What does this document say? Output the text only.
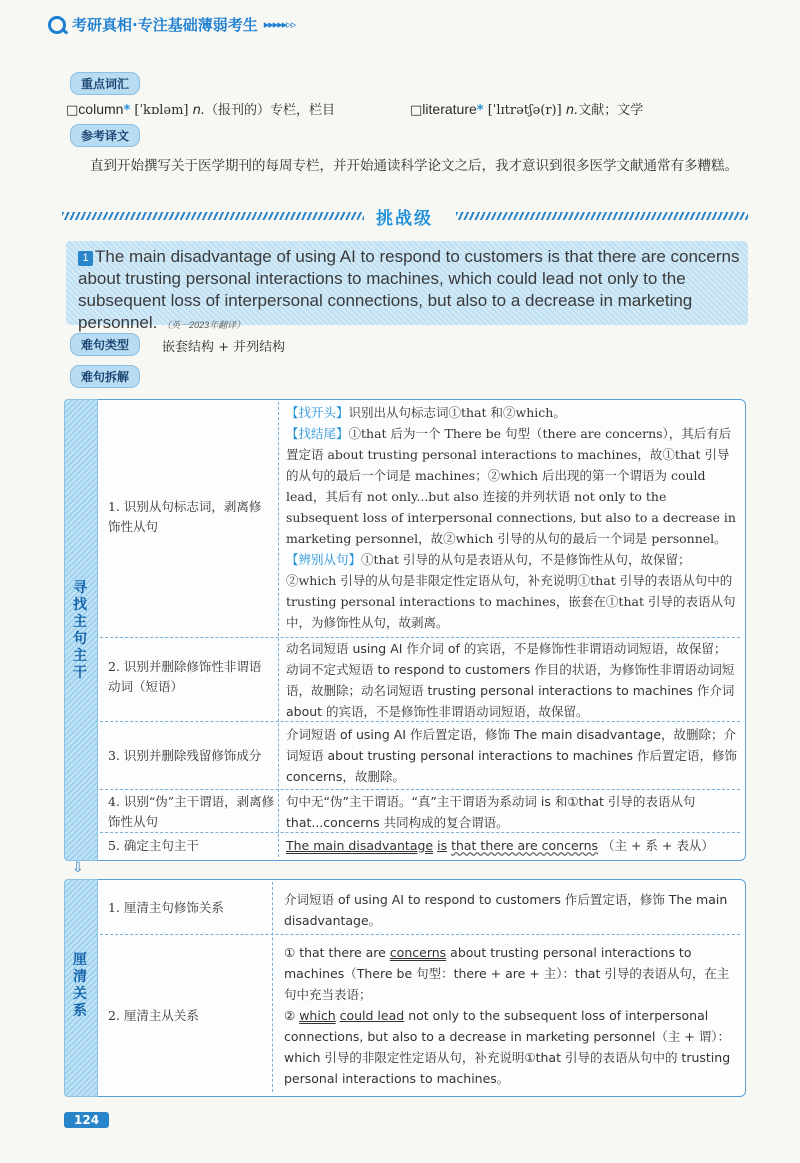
考研真相·专注基础薄弱考生 ▸▸▸▸▸▹▹
重点词汇
□column* [ˈkɒləm] n.（报刊的）专栏，栏目	□literature* [ˈlɪtrətʃə(r)] n.文献；文学
参考译文
直到开始撰写关于医学期刊的每周专栏，并开始通读科学论文之后，我才意识到很多医学文献通常有多糟糕。
挑战级
1 The main disadvantage of using AI to respond to customers is that there are concerns about trusting personal interactions to machines, which could lead not only to the subsequent loss of interpersonal connections, but also to a decrease in marketing personnel. （英一2023年翻译）
难句类型	嵌套结构 + 并列结构
难句拆解
寻找主句主干
1. 识别从句标志词，剥离修饰性从句
【找开头】识别出从句标志词①that 和②which。
【找结尾】①that 后为一个 There be 句型（there are concerns），其后有后置定语 about trusting personal interactions to machines，故①that 引导的从句的最后一个词是 machines；②which 后出现的第一个谓语为 could lead，其后有 not only...but also 连接的并列状语 not only to the subsequent loss of interpersonal connections, but also to a decrease in marketing personnel，故②which 引导的从句的最后一个词是 personnel。
【辨别从句】①that 引导的从句是表语从句，不是修饰性从句，故保留；②which 引导的从句是非限定性定语从句，补充说明①that 引导的表语从句中的 trusting personal interactions to machines，嵌套在①that 引导的表语从句中，为修饰性从句，故剥离。
2. 识别并删除修饰性非谓语动词（短语）
动名词短语 using AI 作介词 of 的宾语，不是修饰性非谓语动词短语，故保留；动词不定式短语 to respond to customers 作目的状语，为修饰性非谓语动词短语，故删除；动名词短语 trusting personal interactions to machines 作介词 about 的宾语，不是修饰性非谓语动词短语，故保留。
3. 识别并删除残留修饰成分
介词短语 of using AI 作后置定语，修饰 The main disadvantage，故删除；介词短语 about trusting personal interactions to machines 作后置定语，修饰 concerns，故删除。
4. 识别“伪”主干谓语，剥离修饰性从句
句中无“伪”主干谓语。“真”主干谓语为系动词 is 和①that 引导的表语从句 that...concerns 共同构成的复合谓语。
5. 确定主句主干	The main disadvantage is that there are concerns （主 + 系 + 表从）
⇩
厘清关系
1. 厘清主句修饰关系
介词短语 of using AI to respond to customers 作后置定语，修饰 The main disadvantage。
2. 厘清主从关系
① that there are concerns about trusting personal interactions to machines（There be 句型：there + are + 主）：that 引导的表语从句，在主句中充当表语；
② which could lead not only to the subsequent loss of interpersonal connections, but also to a decrease in marketing personnel（主 + 谓）：which 引导的非限定性定语从句，补充说明①that 引导的表语从句中的 trusting personal interactions to machines。
124
